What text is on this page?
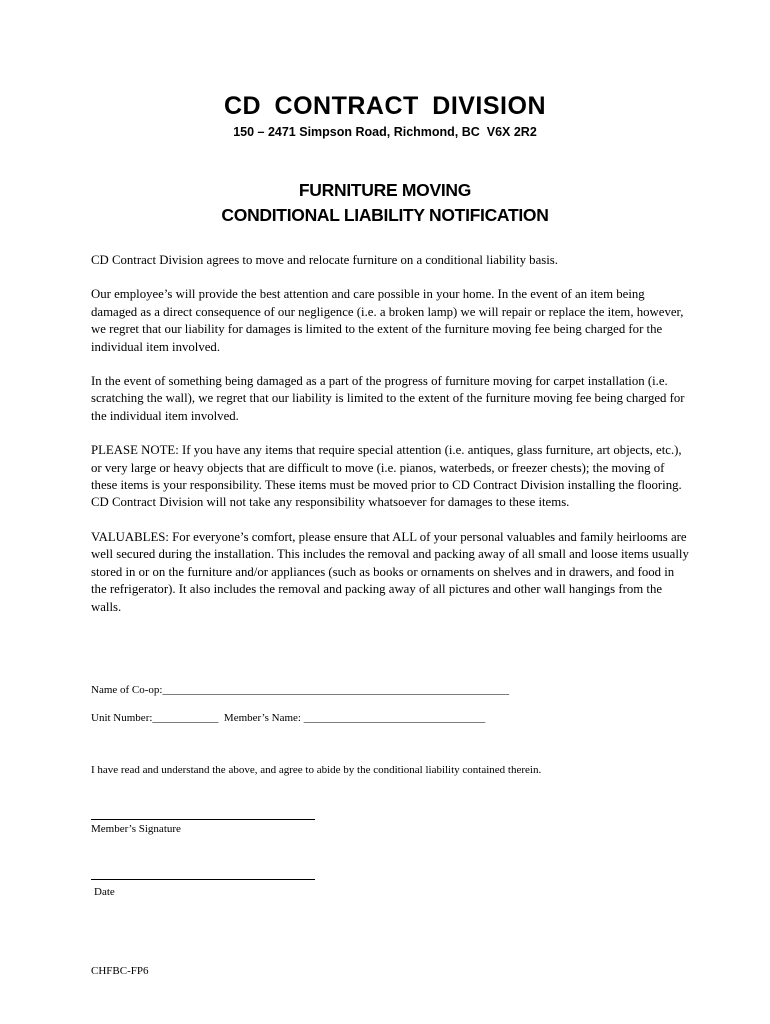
CD CONTRACT DIVISION
150 – 2471 Simpson Road, Richmond, BC  V6X 2R2
FURNITURE MOVING
CONDITIONAL LIABILITY NOTIFICATION

CD Contract Division agrees to move and relocate furniture on a conditional liability basis.

Our employee’s will provide the best attention and care possible in your home. In the event of an item being damaged as a direct consequence of our negligence (i.e. a broken lamp) we will repair or replace the item, however, we regret that our liability for damages is limited to the extent of the furniture moving fee being charged for the individual item involved.

In the event of something being damaged as a part of the progress of furniture moving for carpet installation (i.e. scratching the wall), we regret that our liability is limited to the extent of the furniture moving fee being charged for the individual item involved.

PLEASE NOTE: If you have any items that require special attention (i.e. antiques, glass furniture, art objects, etc.), or very large or heavy objects that are difficult to move (i.e. pianos, waterbeds, or freezer chests); the moving of these items is your responsibility. These items must be moved prior to CD Contract Division installing the flooring. CD Contract Division will not take any responsibility whatsoever for damages to these items.

VALUABLES: For everyone’s comfort, please ensure that ALL of your personal valuables and family heirlooms are well secured during the installation. This includes the removal and packing away of all small and loose items usually stored in or on the furniture and/or appliances (such as books or ornaments on shelves and in drawers, and food in the refrigerator). It also includes the removal and packing away of all pictures and other wall hangings from the walls.

Name of Co-op:_______________________________________________________________
Unit Number:____________  Member’s Name: _________________________________
I have read and understand the above, and agree to abide by the conditional liability contained therein.
Member’s Signature
Date
CHFBC-FP6
